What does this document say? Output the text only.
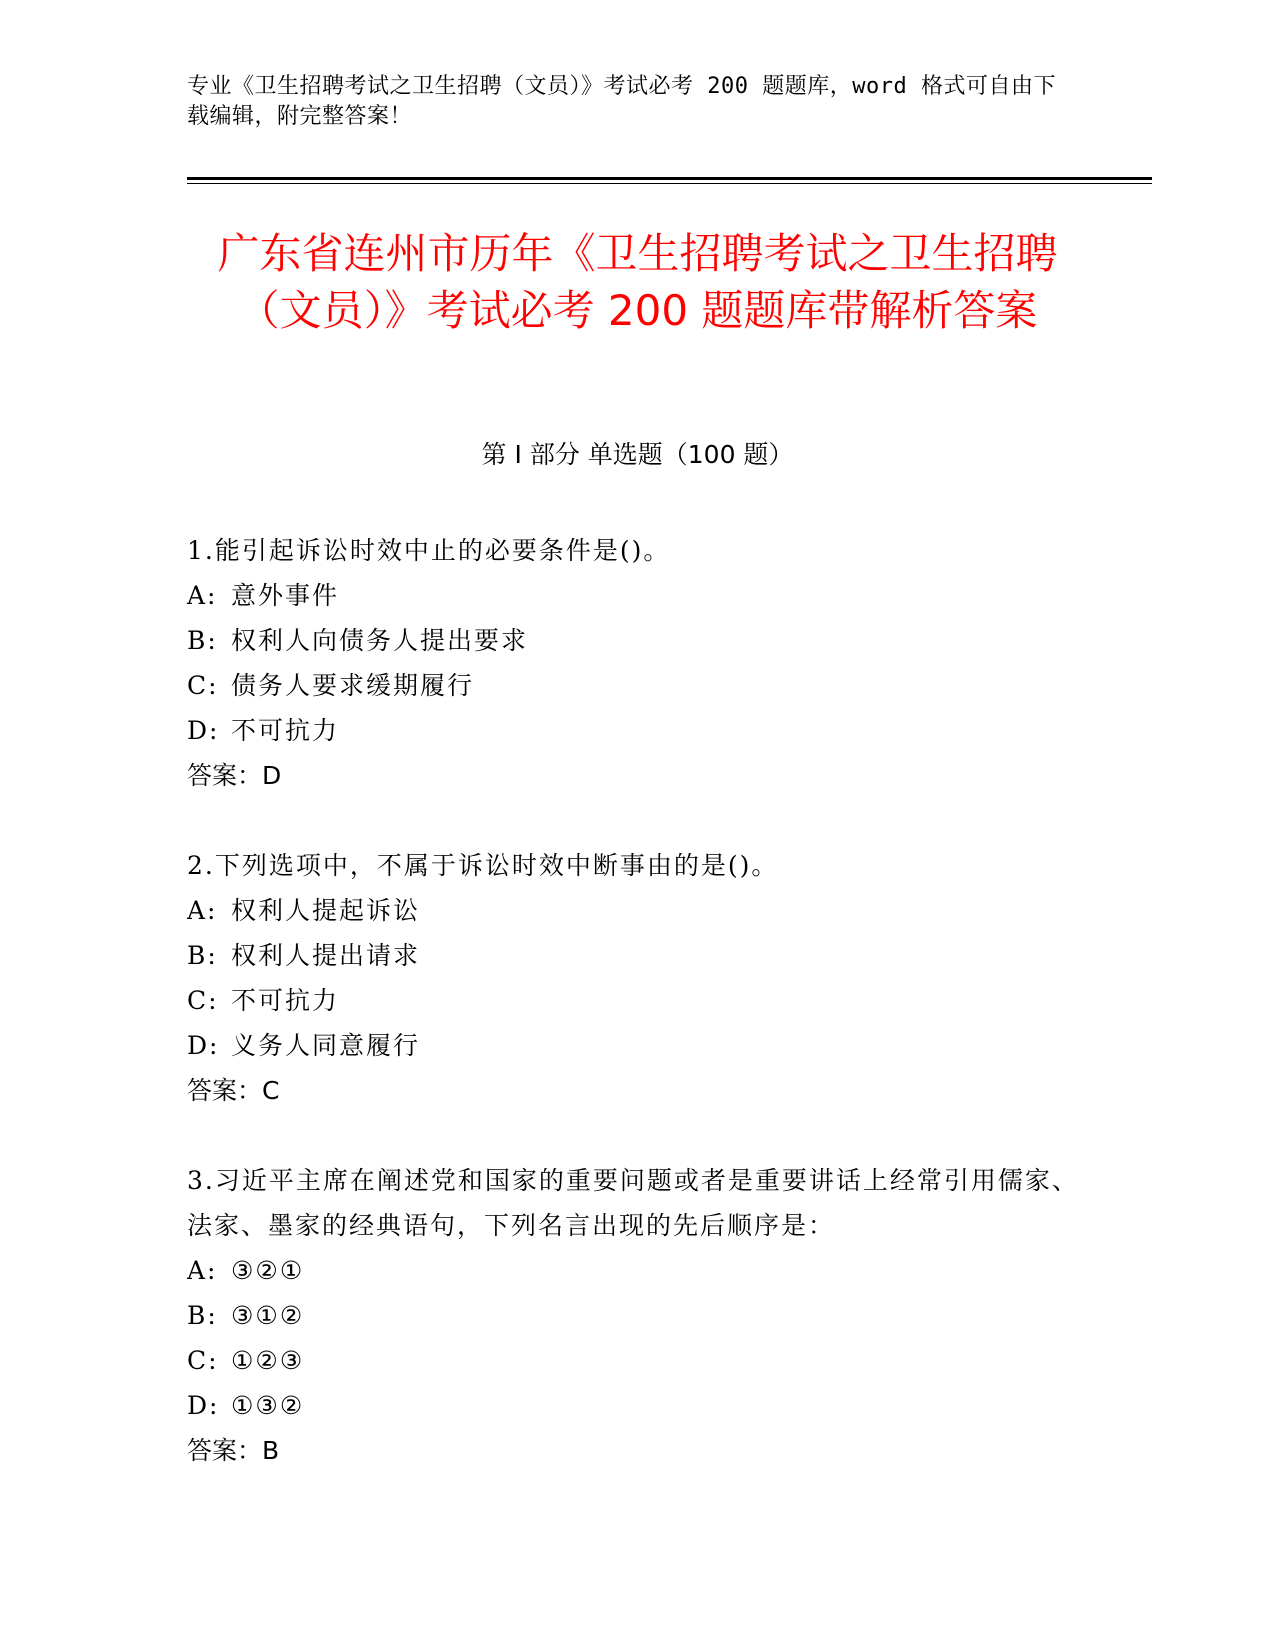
专业《卫生招聘考试之卫生招聘（文员）》考试必考 200 题题库，word 格式可自由下载编辑，附完整答案！
广东省连州市历年《卫生招聘考试之卫生招聘（文员）》考试必考 200 题题库带解析答案
第 I 部分 单选题（100 题）
1.能引起诉讼时效中止的必要条件是()。
A: 意外事件
B: 权利人向债务人提出要求
C: 债务人要求缓期履行
D: 不可抗力
答案：D
2.下列选项中，不属于诉讼时效中断事由的是()。
A: 权利人提起诉讼
B: 权利人提出请求
C: 不可抗力
D: 义务人同意履行
答案：C
3.习近平主席在阐述党和国家的重要问题或者是重要讲话上经常引用儒家、法家、墨家的经典语句，下列名言出现的先后顺序是：
A: ③②①
B: ③①②
C: ①②③
D: ①③②
答案：B
